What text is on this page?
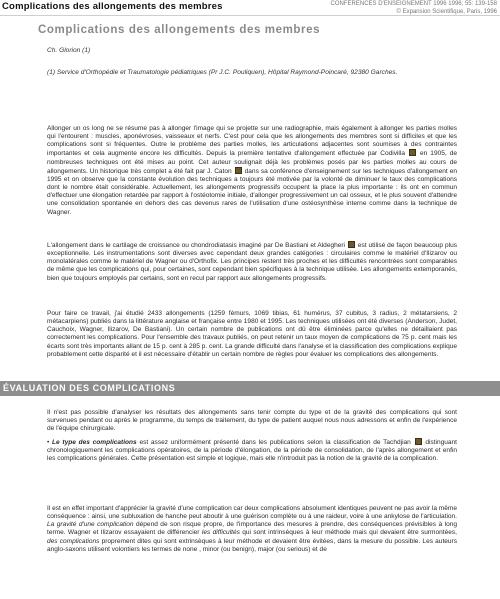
Complications des allongements des membres	CONFÉRENCES D'ENSEIGNEMENT 1996 1996; 55: 139-158
© Expansion Scientifique, Paris, 1996
Complications des allongements des membres
Ch. Glorion (1)
(1) Service d'Orthopédie et Traumatologie pédiatriques (Pr J.C. Pouliquen), Hôpital Raymond-Poincaré, 92380 Garches.

Allonger un os long ne se résume pas à allonger l'image qui se projette sur une radiographie, mais également à allonger les parties molles qui l'entourent : muscles, aponévroses, vaisseaux et nerfs. C'est pour cela que les allongements des membres sont si difficiles et que les complications sont si fréquentes. Outre le problème des parties molles, les articulations adjacentes sont soumises à des contraintes importantes et cela augmente encore les difficultés. Depuis la première tentative d'allongement effectuée par Codivilla en 1905, de nombreuses techniques ont été mises au point. Cet auteur soulignait déjà les problèmes posés par les parties molles au cours de allongements. Un historique très complet a été fait par J. Caton dans sa conférence d'enseignement sur les techniques d'allongement en 1995 et on observe que la constante évolution des techniques a toujours été motivée par la volonté de diminuer le taux des complications dont le nombre était considérable. Actuellement, les allongements progressifs occupent la place la plus importante : ils ont en commun d'effectuer une élongation retardée par rapport à l'ostéotomie initiale, d'allonger progressivement un cal osseux, et le plus souvent d'attendre une consolidation spontanée en dehors des cas devenus rares de l'utilisation d'une ostéosynthèse interne comme dans la technique de Wagner.

L'allongement dans le cartilage de croissance ou chondrodiatasis imaginé par De Bastiani et Aldegheri est utilisé de façon beaucoup plus exceptionnelle. Les instrumentations sont diverses avec cependant deux grandes catégories : circulaires comme le matériel d'Ilizarov ou monolatérales comme le matériel de Wagner ou d'Orthofix. Les principes restent très proches et les difficultés rencontrées sont comparables de même que les complications qui, pour certaines, sont cependant bien spécifiques à la technique utilisée. Les allongements extemporanés, bien que toujours employés par certains, sont en recul par rapport aux allongements progressifs.

Pour faire ce travail, j'ai étudié 2433 allongements (1259 fémurs, 1069 tibias, 61 humérus, 37 cubitus, 3 radius, 2 métatarsiens, 2 métacarpiens) publiés dans la littérature anglaise et française entre 1980 et 1995. Les techniques utilisées ont été diverses (Anderson, Judet, Cauchoix, Wagner, Ilizarov, De Bastiani). Un certain nombre de publications ont dû être éliminées parce qu'elles ne détaillaient pas correctement les complications. Pour l'ensemble des travaux publiés, on peut retenir un taux moyen de complications de 75 p. cent mais les écarts sont très importants allant de 15 p. cent à 285 p. cent. La grande difficulté dans l'analyse et la classification des complications explique probablement cette disparité et il est nécessaire d'établir un certain nombre de règles pour évaluer les complications des allongements.

ÉVALUATION DES COMPLICATIONS

Il n'est pas possible d'analyser les résultats des allongements sans tenir compte du type et de la gravité des complications qui sont survenues pendant ou après le programme, du temps de traitement, du type de patient auquel nous nous adressons et enfin de l'expérience de l'équipe chirurgicale.

• Le type des complications est assez uniformément présenté dans les publications selon la classification de Tachdjian distinguant chronologiquement les complications opératoires, de la période d'élongation, de la période de consolidation, de l'après allongement et enfin les complications générales. Cette présentation est simple et logique, mais elle n'introduit pas la notion de la gravité de la complication.

Il est en effet important d'apprécier la gravité d'une complication car deux complications absolument identiques peuvent ne pas avoir la même conséquence : ainsi, une subluxation de hanche peut aboutir à une guérison complète ou à une raideur, voire à une ankylose de l'articulation. La gravité d'une complication dépend de son risque propre, de l'importance des mesures à prendre, des conséquences prévisibles à long terme. Wagner et Ilizarov essayaient de différencier les difficultés qui sont intrinsèques à leur méthode mais qui devaient être surmontées, des complications proprement dites qui sont extrinsèques à leur méthode et devaient être évitées, dans la mesure du possible. Les auteurs anglo-saxons utilisent volontiers les termes de none , minor (ou benign), major (ou serious) et de
